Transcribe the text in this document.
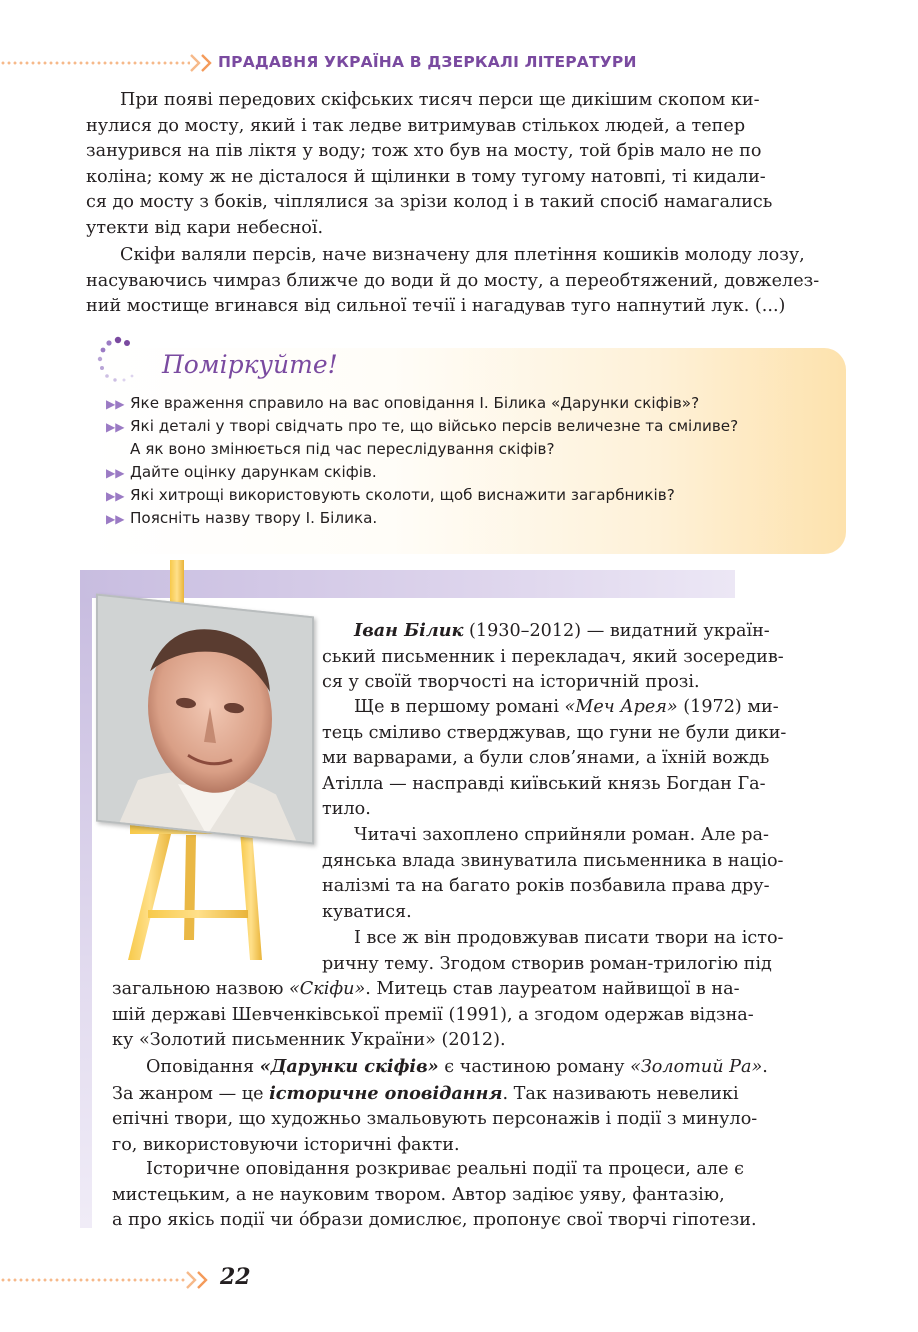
ПРАДАВНЯ УКРАЇНА В ДЗЕРКАЛІ ЛІТЕРАТУРИ
При появі передових скіфських тисяч перси ще дикішим скопом ки-
нулися до мосту, який і так ледве витримував стількох людей, а тепер
занурився на пів ліктя у воду; тож хто був на мосту, той брів мало не по
коліна; кому ж не дісталося й щілинки в тому тугому натовпі, ті кидали-
ся до мосту з боків, чіплялися за зрізи колод і в такий спосіб намагались
утекти від кари небесної.
Скіфи валяли персів, наче визначену для плетіння кошиків молоду лозу,
насуваючись чимраз ближче до води й до мосту, а переобтяжений, довжелез-
ний мостище вгинався від сильної течії і нагадував туго напнутий лук. (...)
Поміркуйте!
▶▶ Яке враження справило на вас оповідання І. Білика «Дарунки скіфів»?
▶▶ Які деталі у творі свідчать про те, що військо персів величезне та сміливе?
А як воно змінюється під час переслідування скіфів?
▶▶ Дайте оцінку дарункам скіфів.
▶▶ Які хитрощі використовують сколоти, щоб виснажити загарбників?
▶▶ Поясніть назву твору І. Білика.
Іван Білик (1930–2012) — видатний україн-
ський письменник і перекладач, який зосередив-
ся у своїй творчості на історичній прозі.
Ще в першому романі «Меч Арея» (1972) ми-
тець сміливо стверджував, що гуни не були дики-
ми варварами, а були слов’янами, а їхній вождь
Атілла — насправді київський князь Богдан Га-
тило.
Читачі захоплено сприйняли роман. Але ра-
дянська влада звинуватила письменника в націо-
налізмі та на багато років позбавила права дру-
куватися.
І все ж він продовжував писати твори на істо-
ричну тему. Згодом створив роман-трилогію під
загальною назвою «Скіфи». Митець став лауреатом найвищої в на-
шій державі Шевченківської премії (1991), а згодом одержав відзна-
ку «Золотий письменник України» (2012).
Оповідання «Дарунки скіфів» є частиною роману «Золотий Ра».
За жанром — це історичне оповідання. Так називають невеликі
епічні твори, що художньо змальовують персонажів і події з минуло-
го, використовуючи історичні факти.
Історичне оповідання розкриває реальні події та процеси, але є
мистецьким, а не науковим твором. Автор задіює уяву, фантазію,
а про якісь події чи óбрази домислює, пропонує свої творчі гіпотези.
22
